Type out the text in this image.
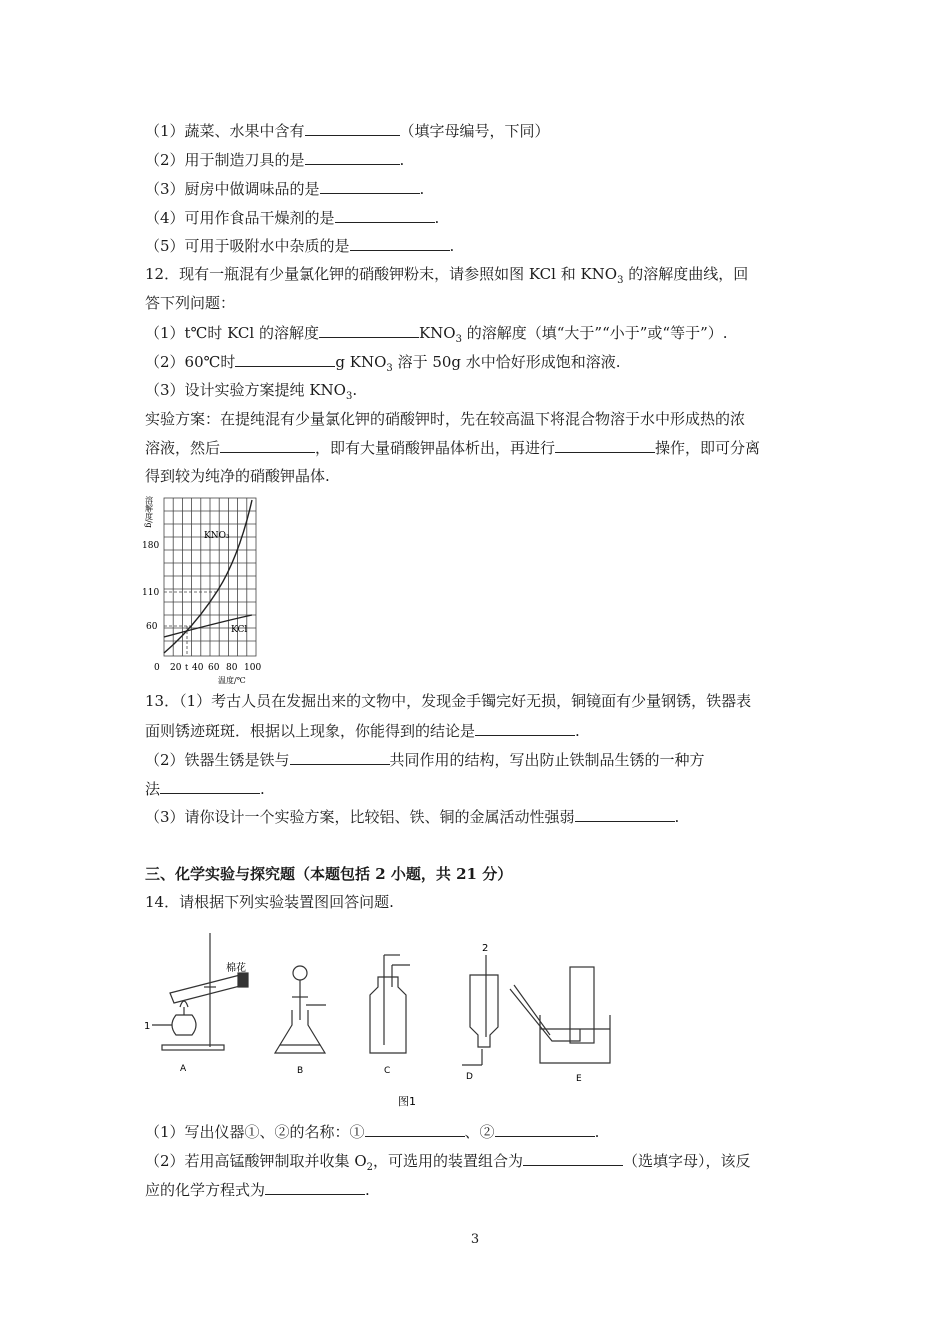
（1）蔬菜、水果中含有	（填字母编号，下同）
（2）用于制造刀具的是	.
（3）厨房中做调味品的是	.
（4）可用作食品干燥剂的是	.
（5）可用于吸附水中杂质的是	.
12．现有一瓶混有少量氯化钾的硝酸钾粉末，请参照如图 KCl 和 $KNO_3$ 的溶解度曲线，回
答下列问题：
（1）t℃时 KCl 的溶解度	$KNO_3$ 的溶解度（填“大于”“小于”或“等于”）.
（2）60℃时	g $KNO_3$ 溶于 50g 水中恰好形成饱和溶液.
（3）设计实验方案提纯 $KNO_3$.
实验方案：在提纯混有少量氯化钾的硝酸钾时，先在较高温下将混合物溶于水中形成热的浓
溶液，然后	，即有大量硝酸钾晶体析出，再进行	操作，即可分离
得到较为纯净的硝酸钾晶体.
KNO₃
KCl
溶解度/g
180
110
60
0 20 t 40 60 80 100
温度/℃
13．（1）考古人员在发掘出来的文物中，发现金手镯完好无损，铜镜面有少量钢锈，铁器表
面则锈迹斑斑．根据以上现象，你能得到的结论是	.
（2）铁器生锈是铁与	共同作用的结构，写出防止铁制品生锈的一种方
法	.
（3）请你设计一个实验方案，比较铝、铁、铜的金属活动性强弱	.
三、化学实验与探究题（本题包括 2 小题，共 21 分）
14．请根据下列实验装置图回答问题.
棉花
1
2
A	B	C
D	E
图1
（1）写出仪器①、②的名称：①	、②	.
（2）若用高锰酸钾制取并收集 $O_2$，可选用的装置组合为	（选填字母），该反
应的化学方程式为	.
3
